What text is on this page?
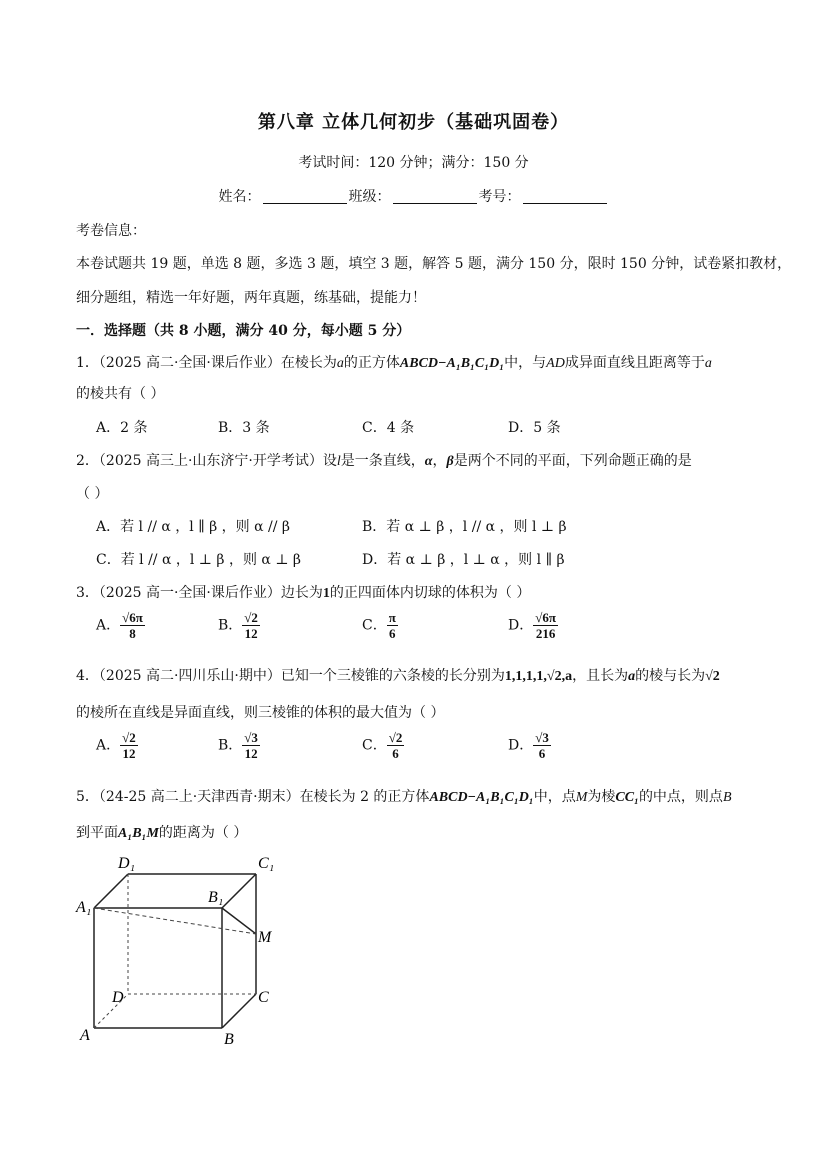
第八章 立体几何初步（基础巩固卷）
考试时间：120 分钟；满分：150 分
姓名：	班级：	考号：
考卷信息：
本卷试题共 19 题，单选 8 题，多选 3 题，填空 3 题，解答 5 题，满分 150 分，限时 150 分钟，试卷紧扣教材，
细分题组，精选一年好题，两年真题，练基础，提能力！
一．选择题（共 8 小题，满分 40 分，每小题 5 分）
1．（2025 高二·全国·课后作业）在棱长为a的正方体ABCD−A₁B₁C₁D₁中，与AD成异面直线且距离等于a
的棱共有（ ）
A．2 条	B．3 条	C．4 条	D．5 条
2．（2025 高三上·山东济宁·开学考试）设l是一条直线，α，β是两个不同的平面，下列命题正确的是
（ ）
A．若 l // α ，l ∥ β ，则 α // β	B．若 α ⊥ β ，l // α ，则 l ⊥ β
C．若 l // α ，l ⊥ β ，则 α ⊥ β	D．若 α ⊥ β ，l ⊥ α ，则 l ∥ β
3．（2025 高一·全国·课后作业）边长为1的正四面体内切球的体积为（ ）
A． $\frac{√6\pi}{8}$	B． $\frac{√2}{12}$	C． $\frac{\pi}{6}$	D． $\frac{√6\pi}{216}$
4．（2025 高二·四川乐山·期中）已知一个三棱锥的六条棱的长分别为1,1,1,1,√2,a，且长为a的棱与长为√2
的棱所在直线是异面直线，则三棱锥的体积的最大值为（ ）
A． $\frac{√2}{12}$	B． $\frac{√3}{12}$	C． $\frac{√2}{6}$	D． $\frac{√3}{6}$
5．（24-25 高二上·天津西青·期末）在棱长为 2 的正方体ABCD−A₁B₁C₁D₁中，点M为棱CC₁的中点，则点B
到平面A₁B₁M的距离为（ ）
D₁	C₁
A₁
B₁
M
D	C
A	B
